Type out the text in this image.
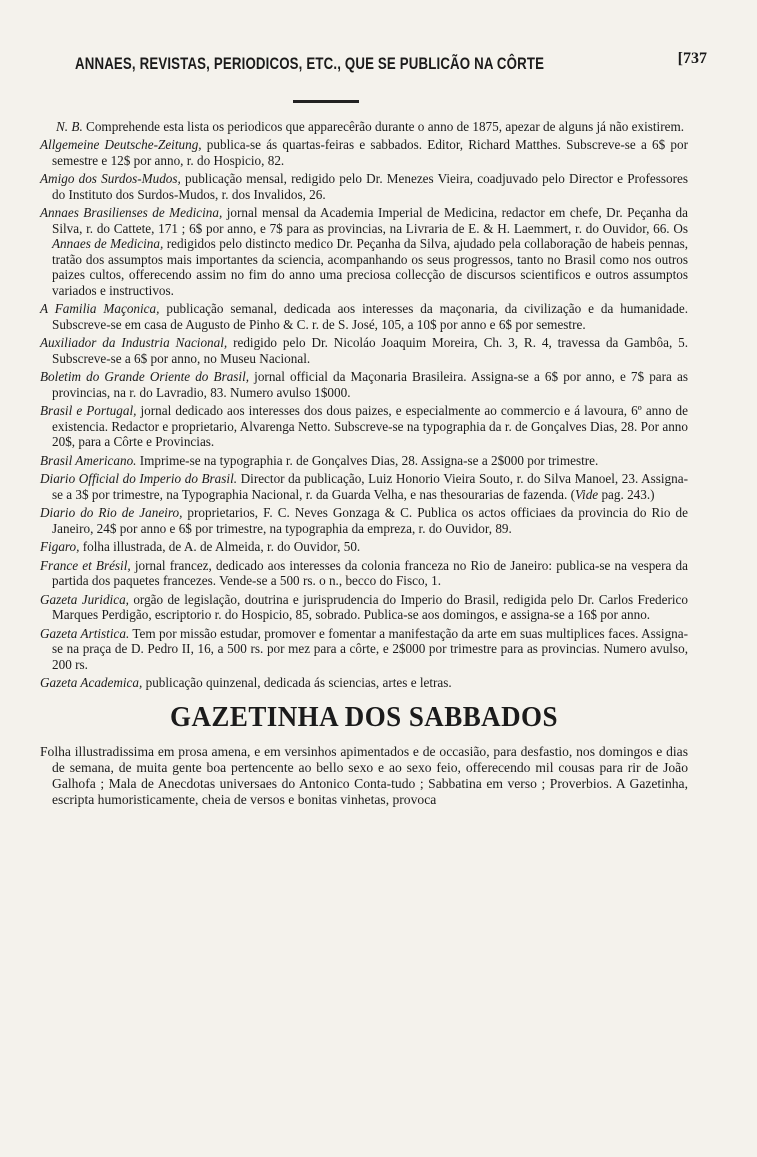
ANNAES, REVISTAS, PERIODICOS, ETC., QUE SE PUBLICÃO NA CÔRTE	[737

N. B. Comprehende esta lista os periodicos que apparecêrão durante o anno de 1875, apezar de alguns já não existirem.

Allgemeine Deutsche-Zeitung, publica-se ás quartas-feiras e sabbados. Editor, Richard Matthes. Subscreve-se a 6$ por semestre e 12$ por anno, r. do Hospicio, 82.
Amigo dos Surdos-Mudos, publicação mensal, redigido pelo Dr. Menezes Vieira, coadjuvado pelo Director e Professores do Instituto dos Surdos-Mudos, r. dos Invalidos, 26.
Annaes Brasilienses de Medicina, jornal mensal da Academia Imperial de Medicina, redactor em chefe, Dr. Peçanha da Silva, r. do Cattete, 171 ; 6$ por anno, e 7$ para as provincias, na Livraria de E. & H. Laemmert, r. do Ouvidor, 66. Os Annaes de Medicina, redigidos pelo distincto medico Dr. Peçanha da Silva, ajudado pela collaboração de habeis pennas, tratão dos assumptos mais importantes da sciencia, acompanhando os seus progressos, tanto no Brasil como nos outros paizes cultos, offerecendo assim no fim do anno uma preciosa collecção de discursos scientificos e outros assumptos variados e instructivos.
A Familia Maçonica, publicação semanal, dedicada aos interesses da maçonaria, da civilização e da humanidade. Subscreve-se em casa de Augusto de Pinho & C. r. de S. José, 105, a 10$ por anno e 6$ por semestre.
Auxiliador da Industria Nacional, redigido pelo Dr. Nicoláo Joaquim Moreira, Ch. 3, R. 4, travessa da Gambôa, 5. Subscreve-se a 6$ por anno, no Museu Nacional.
Boletim do Grande Oriente do Brasil, jornal official da Maçonaria Brasileira. Assigna-se a 6$ por anno, e 7$ para as provincias, na r. do Lavradio, 83. Numero avulso 1$000.
Brasil e Portugal, jornal dedicado aos interesses dos dous paizes, e especialmente ao commercio e á lavoura, 6º anno de existencia. Redactor e proprietario, Alvarenga Netto. Subscreve-se na typographia da r. de Gonçalves Dias, 28. Por anno 20$, para a Côrte e Provincias.
Brasil Americano. Imprime-se na typographia r. de Gonçalves Dias, 28. Assigna-se a 2$000 por trimestre.
Diario Official do Imperio do Brasil. Director da publicação, Luiz Honorio Vieira Souto, r. do Silva Manoel, 23. Assigna-se a 3$ por trimestre, na Typographia Nacional, r. da Guarda Velha, e nas thesourarias de fazenda. (Vide pag. 243.)
Diario do Rio de Janeiro, proprietarios, F. C. Neves Gonzaga & C. Publica os actos officiaes da provincia do Rio de Janeiro, 24$ por anno e 6$ por trimestre, na typographia da empreza, r. do Ouvidor, 89.
Figaro, folha illustrada, de A. de Almeida, r. do Ouvidor, 50.
France et Brésil, jornal francez, dedicado aos interesses da colonia franceza no Rio de Janeiro: publica-se na vespera da partida dos paquetes francezes. Vende-se a 500 rs. o n., becco do Fisco, 1.
Gazeta Juridica, orgão de legislação, doutrina e jurisprudencia do Imperio do Brasil, redigida pelo Dr. Carlos Frederico Marques Perdigão, escriptorio r. do Hospicio, 85, sobrado. Publica-se aos domingos, e assigna-se a 16$ por anno.
Gazeta Artistica. Tem por missão estudar, promover e fomentar a manifestação da arte em suas multiplices faces. Assigna-se na praça de D. Pedro II, 16, a 500 rs. por mez para a côrte, e 2$000 por trimestre para as provincias. Numero avulso, 200 rs.
Gazeta Academica, publicação quinzenal, dedicada ás sciencias, artes e letras.
GAZETINHA DOS SABBADOS
Folha illustradissima em prosa amena, e em versinhos apimentados e de occasião, para desfastio, nos domingos e dias de semana, de muita gente boa pertencente ao bello sexo e ao sexo feio, offerecendo mil cousas para rir de João Galhofa ; Mala de Anecdotas universaes do Antonico Conta-tudo ; Sabbatina em verso ; Proverbios. A Gazetinha, escripta humoristicamente, cheia de versos e bonitas vinhetas, provoca
